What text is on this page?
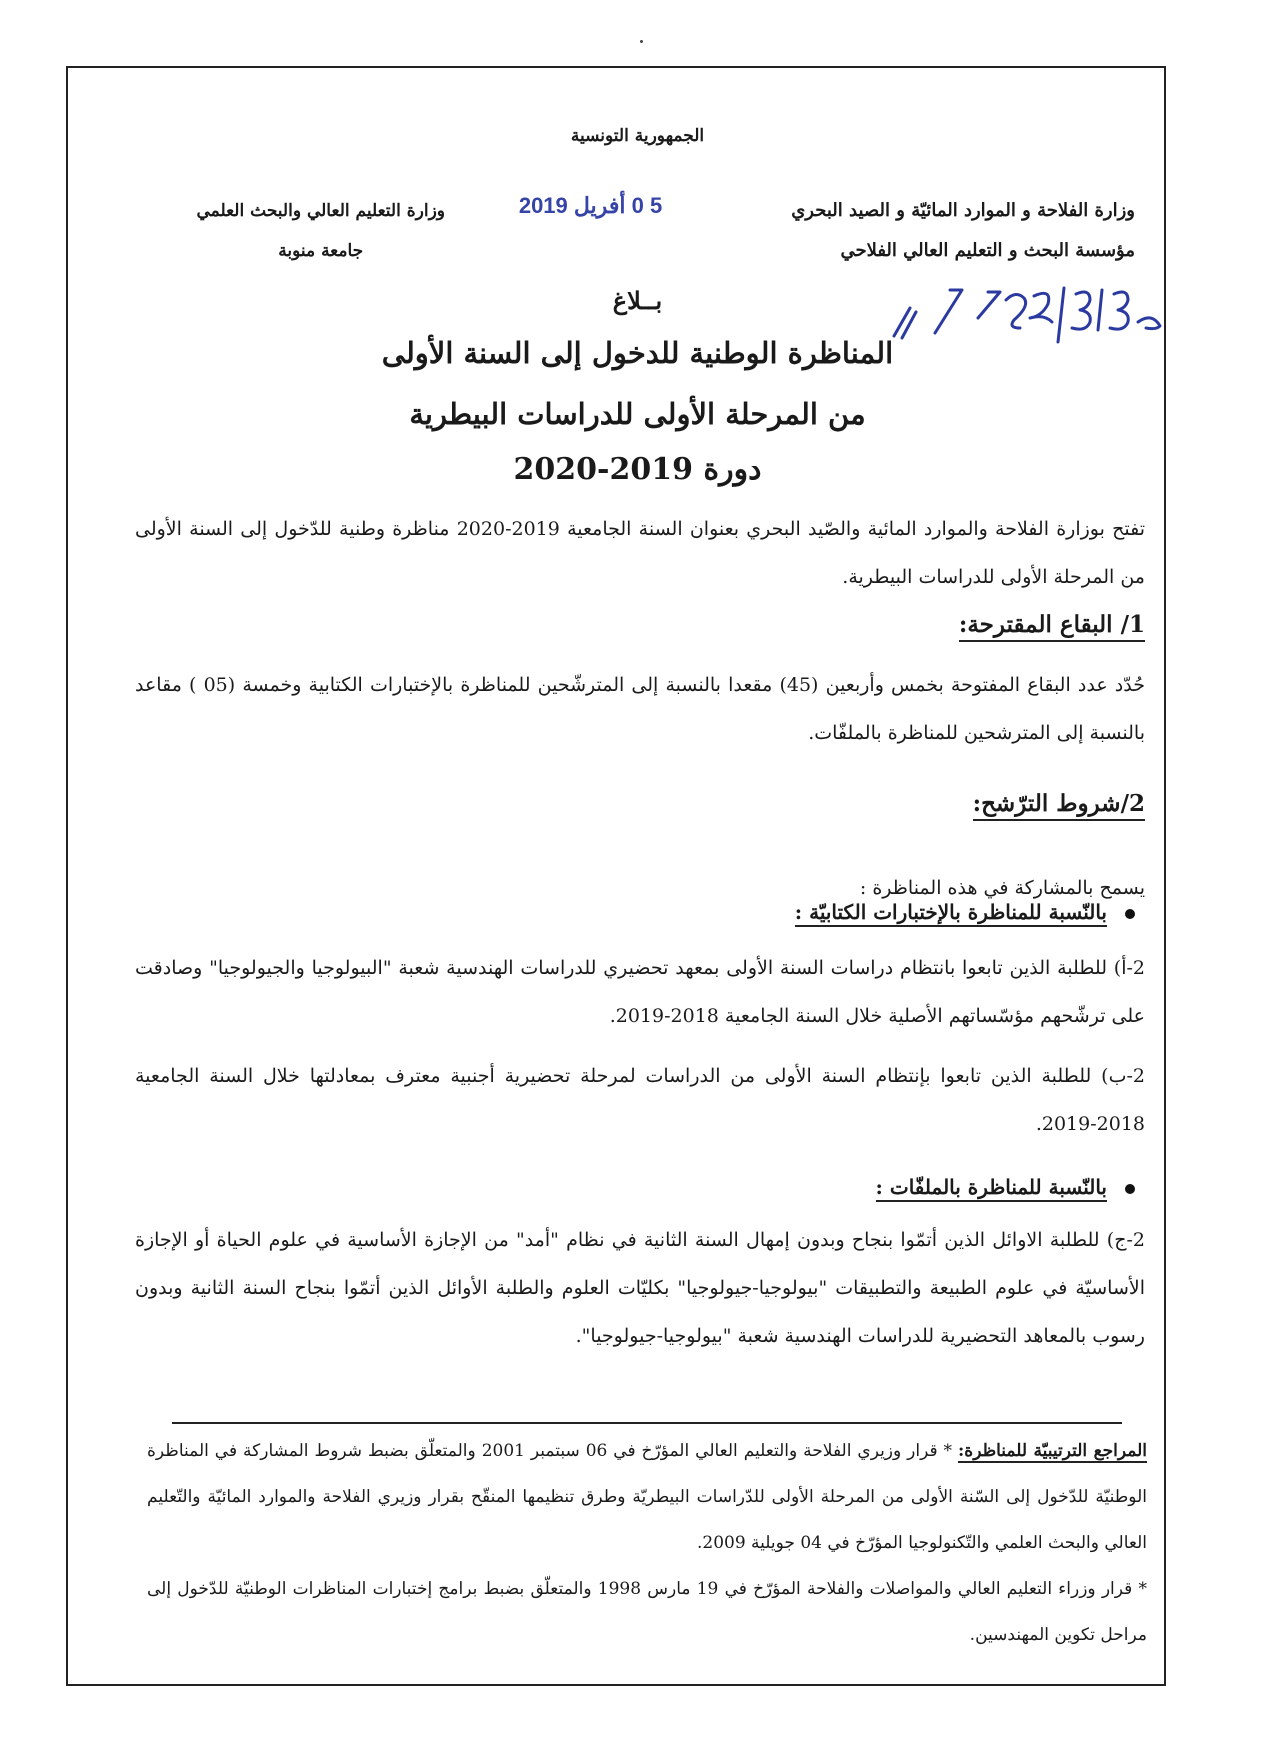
الجمهورية التونسية
وزارة الفلاحة و الموارد المائيّة و الصيد البحري
مؤسسة البحث و التعليم العالي الفلاحي
وزارة التعليم العالي والبحث العلمي
جامعة منوبة
5 0 أفريل 2019
بــلاغ
المناظرة الوطنية للدخول إلى السنة الأولى
من المرحلة الأولى للدراسات البيطرية
دورة 2019-2020
تفتح بوزارة الفلاحة والموارد المائية والصّيد البحري بعنوان السنة الجامعية 2019-2020 مناظرة وطنية للدّخول إلى السنة الأولى من المرحلة الأولى للدراسات البيطرية.
1/ البقاع المقترحة:
حُدّد عدد البقاع المفتوحة بخمس وأربعين (45) مقعدا بالنسبة إلى المترشّحين للمناظرة بالإختبارات الكتابية وخمسة (05 ) مقاعد بالنسبة إلى المترشحين للمناظرة بالملفّات.
2/شروط الترّشح:
يسمح بالمشاركة في هذه المناظرة :
بالنّسبة للمناظرة بالإختبارات الكتابيّة :
2-أ) للطلبة الذين تابعوا بانتظام دراسات السنة الأولى بمعهد تحضيري للدراسات الهندسية شعبة "البيولوجيا والجيولوجيا" وصادقت على ترشّحهم مؤسّساتهم الأصلية خلال السنة الجامعية 2018-2019.
2-ب) للطلبة الذين تابعوا بإنتظام السنة الأولى من الدراسات لمرحلة تحضيرية أجنبية معترف بمعادلتها خلال السنة الجامعية 2018-2019.
بالنّسبة للمناظرة بالملفّات :
2-ج) للطلبة الاوائل الذين أتمّوا بنجاح وبدون إمهال السنة الثانية في نظام "أمد" من الإجازة الأساسية في علوم الحياة أو الإجازة الأساسيّة في علوم الطبيعة والتطبيقات "بيولوجيا-جيولوجيا" بكليّات العلوم والطلبة الأوائل الذين أتمّوا بنجاح السنة الثانية وبدون رسوب بالمعاهد التحضيرية للدراسات الهندسية شعبة "بيولوجيا-جيولوجيا".
المراجع الترتيبيّة للمناظرة: * قرار وزيري الفلاحة والتعليم العالي المؤرّخ في 06 سبتمبر 2001 والمتعلّق بضبط شروط المشاركة في المناظرة الوطنيّة للدّخول إلى السّنة الأولى من المرحلة الأولى للدّراسات البيطريّة وطرق تنظيمها المنقّح بقرار وزيري الفلاحة والموارد المائيّة والتّعليم العالي والبحث العلمي والتّكنولوجيا المؤرّخ في 04 جويلية 2009.
* قرار وزراء التعليم العالي والمواصلات والفلاحة المؤرّخ في 19 مارس 1998 والمتعلّق بضبط برامج إختبارات المناظرات الوطنيّة للدّخول إلى مراحل تكوين المهندسين.
